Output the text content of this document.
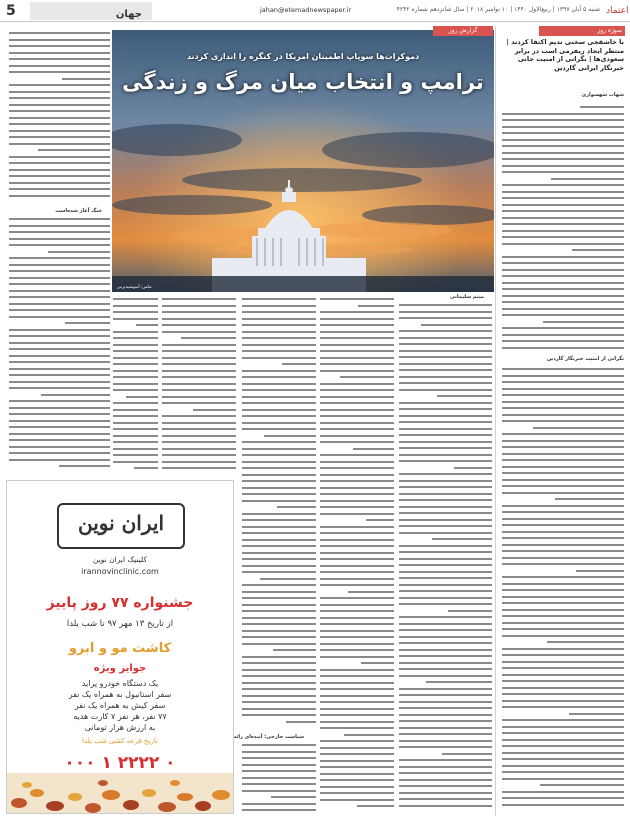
اعتماد
شنبه ۵ آبان ۱۳۹۷ | ربیع‌الاول ۱۴۴۰ | ۱۰ نوامبر ۲۰۱۸ | سال شانزدهم شماره ۴۲۴۲
jahan@etemadnewspaper.ir
جهان
5
سوژه روز
با خاشقجی‌ سخنی ندیم اکتفا کردند | منتظر ایجاد ریفرمی است در برابر سعودی‌ها | نگرانی از امنیت جانی خبرنگار ایرانی گاردین
شهاب شهسواری
نگرانی از امنیت خبرنگار گاردین
دموکرات‌ها سوپاپ اطمینان امریکا در کنگره را اندازی کردند
ترامپ و انتخاب میان مرگ و زندگی
عکس: آسوشیتدپرس
گزارش روز
جنگ آغاز شد‌ه‌است
میثم سلیمانی
سیاست خارجی؛ آینده‌ای زائد
ایران نوین
کلینیک ایران نوین
irannovinclinic.com
جشنواره ۷۷ روز پاییز
از تاریخ ۱۳ مهر ۹۷ تا شب یلدا
کاشت مو و ابرو
جوایز ویژه
یک دستگاه خودرو پراید
سفر استانبول به همراه یک نفر
سفر کیش به همراه یک نفر
۷۷ نفر، هر نفر ۷ کارت هدیه
به ارزش هزار تومانی
تاریخ قرعه کشی شب یلدا
۰۰۰ ۱ ۲۲۲۲ ۰
